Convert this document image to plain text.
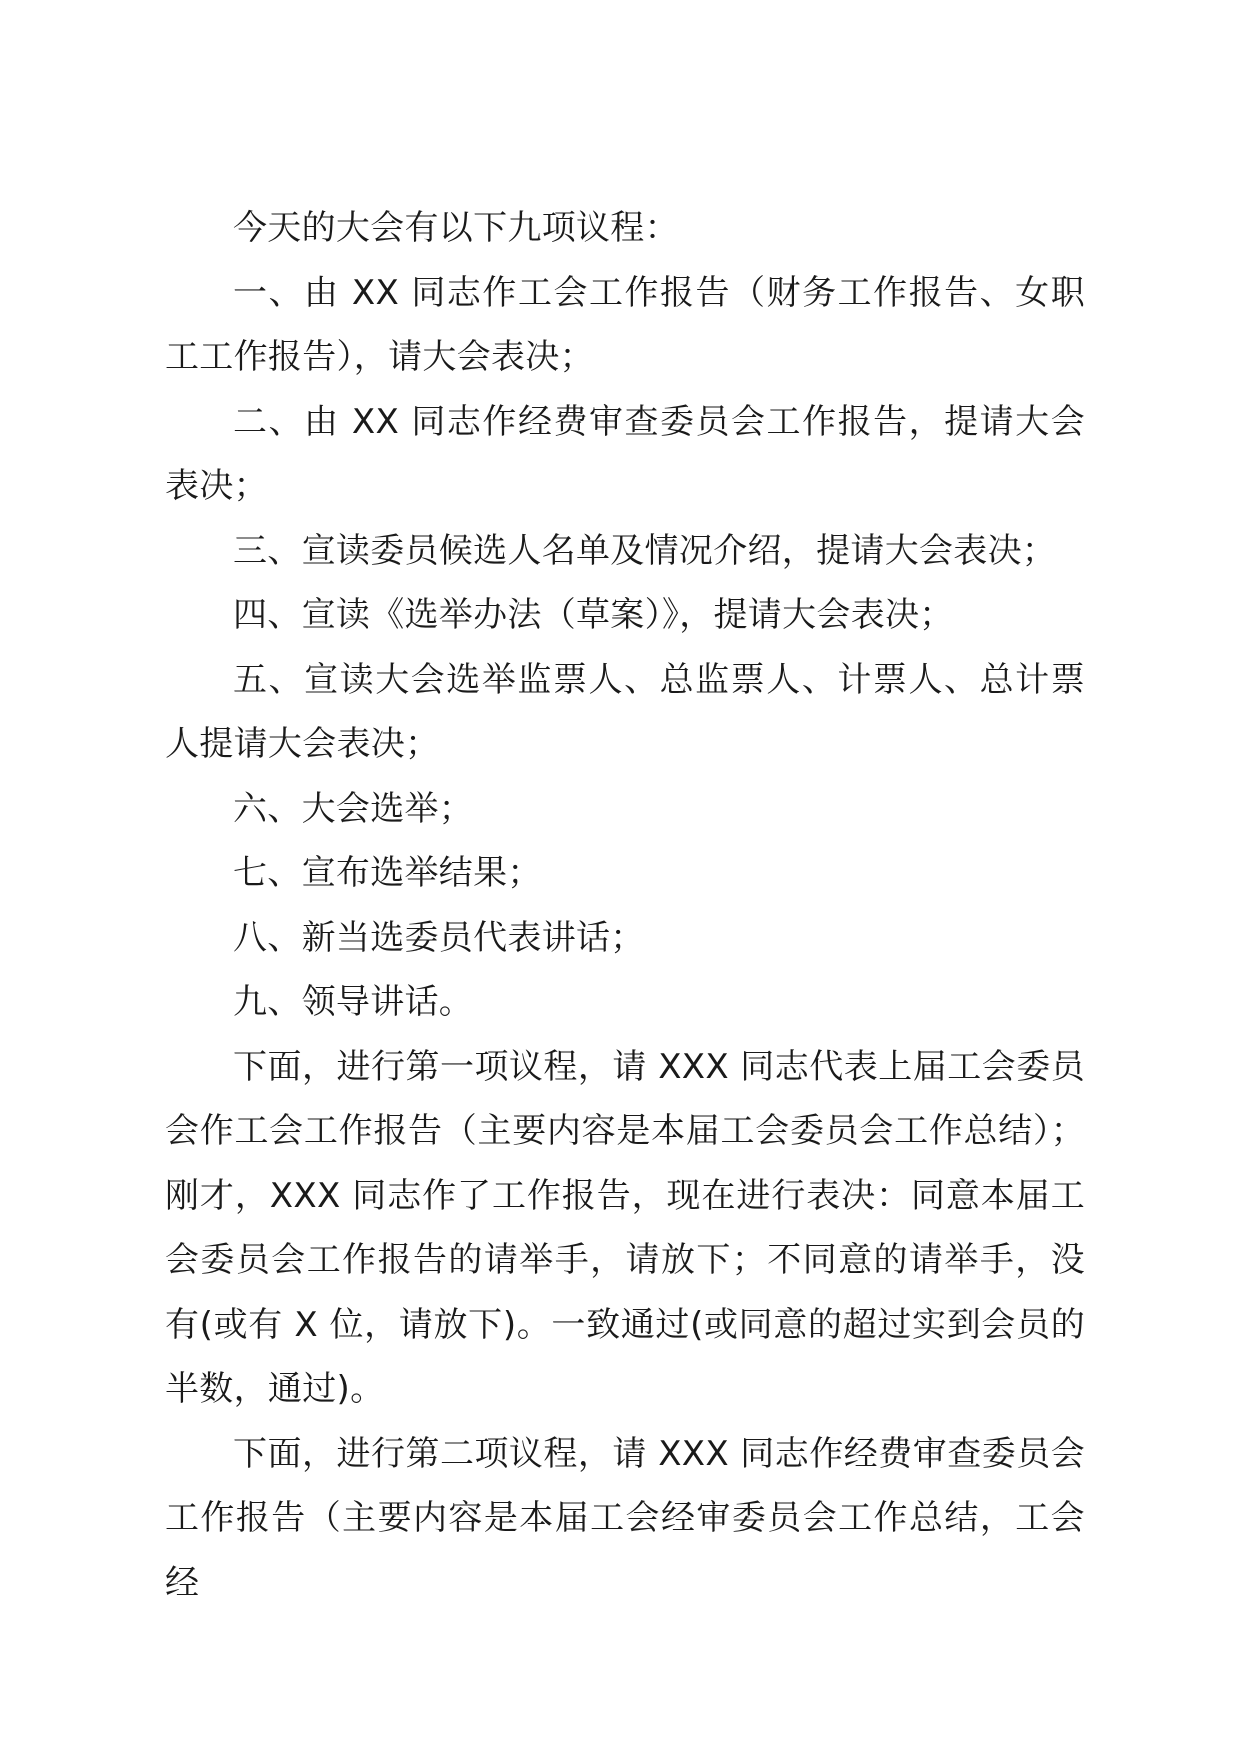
今天的大会有以下九项议程：

一、由 XX 同志作工会工作报告（财务工作报告、女职工工作报告），请大会表决；

二、由 XX 同志作经费审查委员会工作报告，提请大会表决；

三、宣读委员候选人名单及情况介绍，提请大会表决；

四、宣读《选举办法（草案）》，提请大会表决；

五、宣读大会选举监票人、总监票人、计票人、总计票人提请大会表决；

六、大会选举；

七、宣布选举结果；

八、新当选委员代表讲话；

九、领导讲话。

下面，进行第一项议程，请 XXX 同志代表上届工会委员会作工会工作报告（主要内容是本届工会委员会工作总结）；刚才，XXX 同志作了工作报告，现在进行表决：同意本届工会委员会工作报告的请举手，请放下；不同意的请举手，没有(或有 X 位，请放下)。一致通过(或同意的超过实到会员的半数，通过)。

下面，进行第二项议程，请 XXX 同志作经费审查委员会工作报告（主要内容是本届工会经审委员会工作总结，工会经
